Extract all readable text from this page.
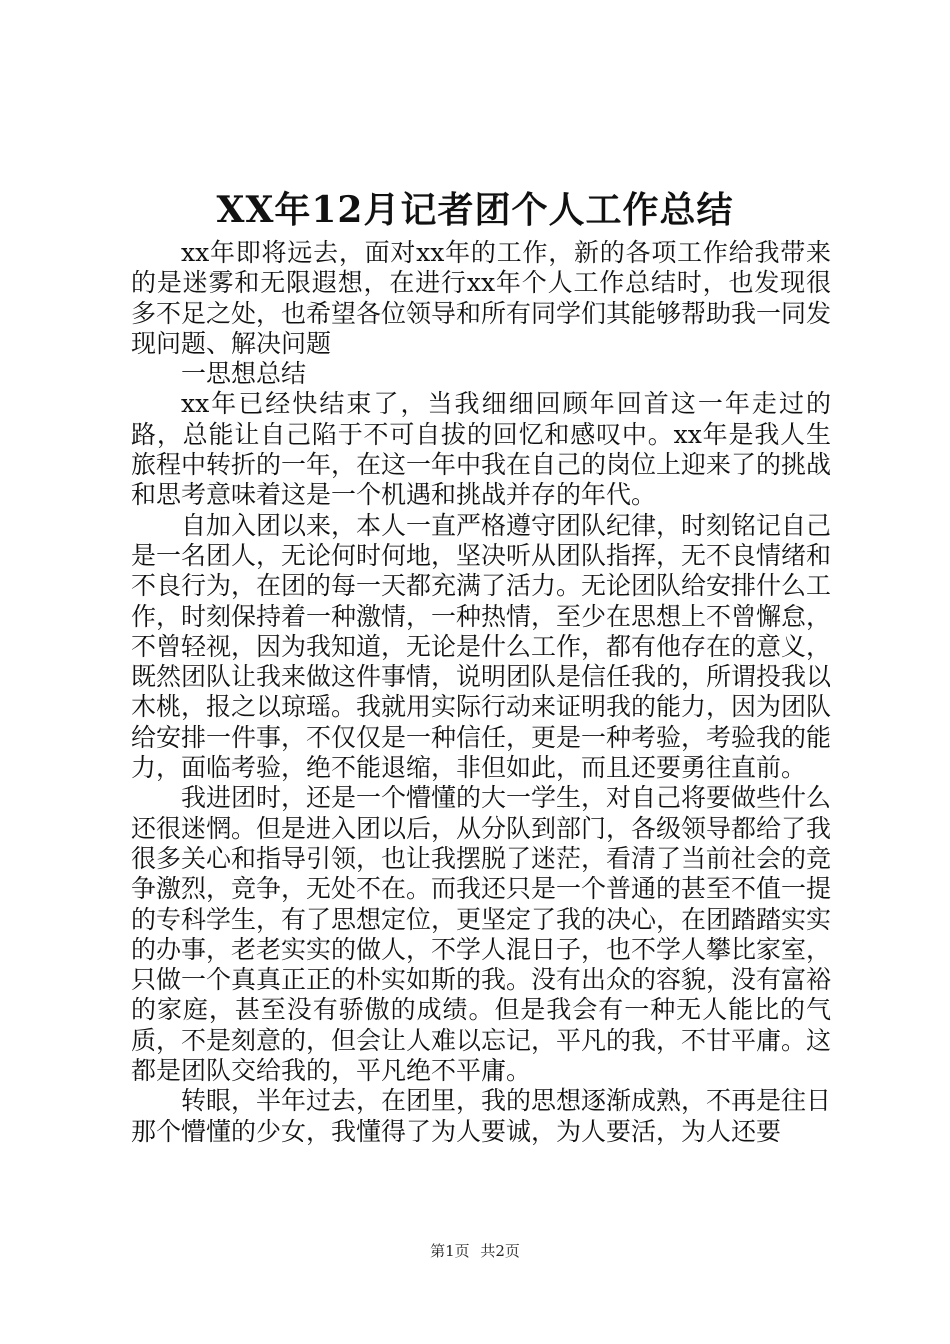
XX年12月记者团个人工作总结

xx年即将远去，面对xx年的工作，新的各项工作给我带来的是迷雾和无限遐想，在进行xx年个人工作总结时，也发现很多不足之处，也希望各位领导和所有同学们其能够帮助我一同发现问题、解决问题

一思想总结

xx年已经快结束了，当我细细回顾年回首这一年走过的路，总能让自己陷于不可自拔的回忆和感叹中。xx年是我人生旅程中转折的一年，在这一年中我在自己的岗位上迎来了的挑战和思考意味着这是一个机遇和挑战并存的年代。

自加入团以来，本人一直严格遵守团队纪律，时刻铭记自己是一名团人，无论何时何地，坚决听从团队指挥，无不良情绪和不良行为，在团的每一天都充满了活力。无论团队给安排什么工作，时刻保持着一种激情，一种热情，至少在思想上不曾懈怠，不曾轻视，因为我知道，无论是什么工作，都有他存在的意义，既然团队让我来做这件事情，说明团队是信任我的，所谓投我以木桃，报之以琼瑶。我就用实际行动来证明我的能力，因为团队给安排一件事，不仅仅是一种信任，更是一种考验，考验我的能力，面临考验，绝不能退缩，非但如此，而且还要勇往直前。

我进团时，还是一个懵懂的大一学生，对自己将要做些什么还很迷惘。但是进入团以后，从分队到部门，各级领导都给了我很多关心和指导引领，也让我摆脱了迷茫，看清了当前社会的竞争激烈，竞争，无处不在。而我还只是一个普通的甚至不值一提的专科学生，有了思想定位，更坚定了我的决心，在团踏踏实实的办事，老老实实的做人，不学人混日子，也不学人攀比家室，只做一个真真正正的朴实如斯的我。没有出众的容貌，没有富裕的家庭，甚至没有骄傲的成绩。但是我会有一种无人能比的气质，不是刻意的，但会让人难以忘记，平凡的我，不甘平庸。这都是团队交给我的，平凡绝不平庸。

转眼，半年过去，在团里，我的思想逐渐成熟，不再是往日那个懵懂的少女，我懂得了为人要诚，为人要活，为人还要

第1页 共2页
